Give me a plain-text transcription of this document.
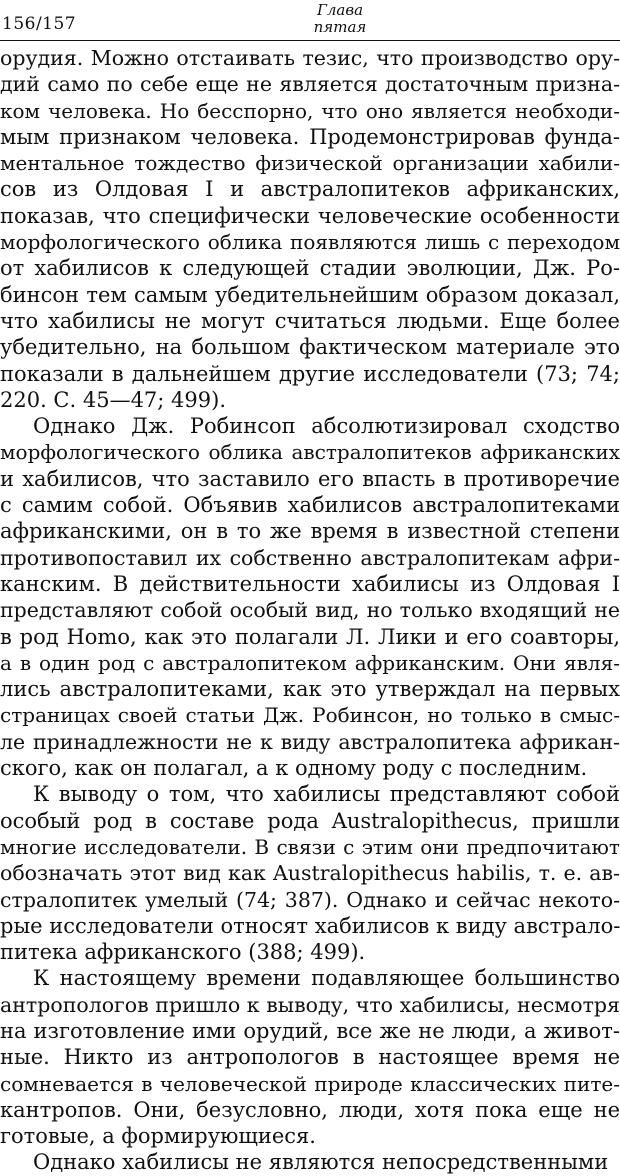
156/157
Глава
пятая
орудия. Можно отстаивать тезис, что производство ору-
дий само по себе еще не является достаточным призна-
ком человека. Но бесспорно, что оно является необходи-
мым признаком человека. Продемонстрировав фунда-
ментальное тождество физической организации хабили-
сов из Олдовая I и австралопитеков африканских,
показав, что специфически человеческие особенности
морфологического облика появляются лишь с переходом
от хабилисов к следующей стадии эволюции, Дж. Ро-
бинсон тем самым убедительнейшим образом доказал,
что хабилисы не могут считаться людьми. Еще более
убедительно, на большом фактическом материале это
показали в дальнейшем другие исследователи (73; 74;
220. С. 45—47; 499).
Однако Дж. Робинсоп абсолютизировал сходство
морфологического облика австралопитеков африканских
и хабилисов, что заставило его впасть в противоречие
с самим собой. Объявив хабилисов австралопитеками
африканскими, он в то же время в известной степени
противопоставил их собственно австралопитекам афри-
канским. В действительности хабилисы из Олдовая I
представляют собой особый вид, но только входящий не
в род Homo, как это полагали Л. Лики и его соавторы,
а в один род с австралопитеком африканским. Они явля-
лись австралопитеками, как это утверждал на первых
страницах своей статьи Дж. Робинсон, но только в смыс-
ле принадлежности не к виду австралопитека африкан-
ского, как он полагал, а к одному роду с последним.
К выводу о том, что хабилисы представляют собой
особый род в составе рода Australopithecus, пришли
многие исследователи. В связи с этим они предпочитают
обозначать этот вид как Australopithecus habilis, т. е. ав-
cтралопитек умелый (74; 387). Однако и сейчас некото-
рые исследователи относят хабилисов к виду австрало-
питека африканского (388; 499).
К настоящему времени подавляющее большинство
антропологов пришло к выводу, что хабилисы, несмотря
на изготовление ими орудий, все же не люди, а живот-
ные. Никто из антропологов в настоящее время не
сомневается в человеческой природе классических пите-
кантропов. Они, безусловно, люди, хотя пока еще не
готовые, а формирующиеся.
Однако хабилисы не являются непосредственными
